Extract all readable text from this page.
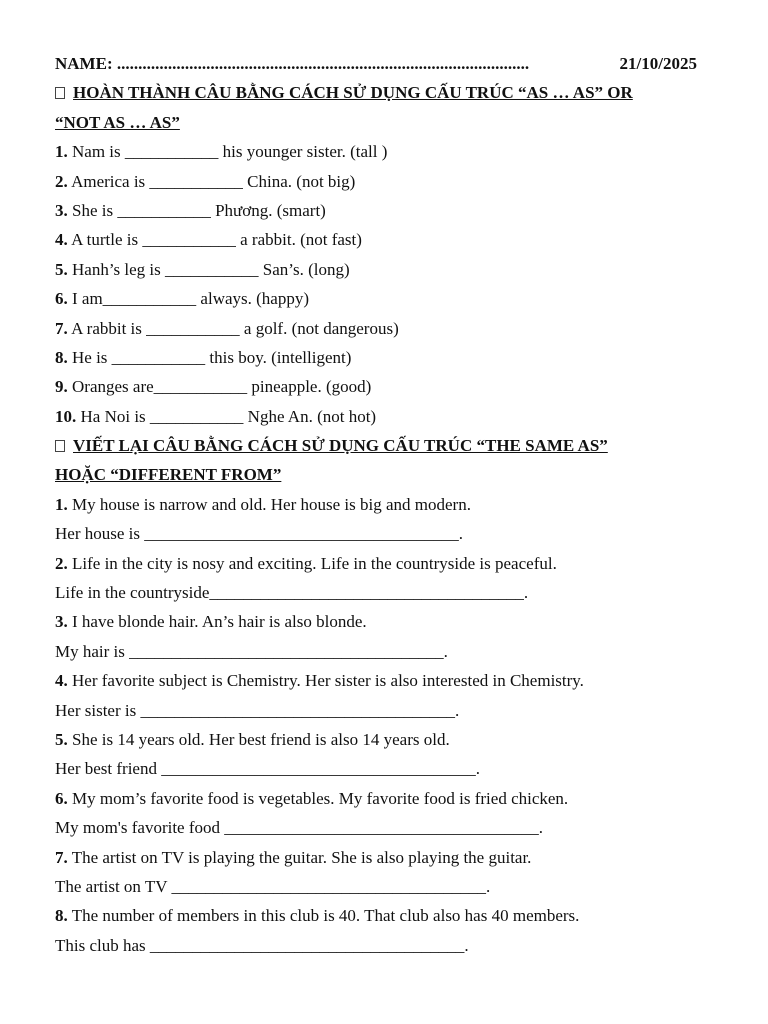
NAME: .................................................................................................	21/10/2025
HOÀN THÀNH CÂU BẰNG CÁCH SỬ DỤNG CẤU TRÚC “AS … AS” OR
“NOT AS … AS”
1. Nam is ___________ his younger sister. (tall )
2. America is ___________ China. (not big)
3. She is ___________ Phương. (smart)
4. A turtle is ___________ a rabbit. (not fast)
5. Hanh’s leg is ___________ San’s. (long)
6. I am___________ always. (happy)
7. A rabbit is ___________ a golf. (not dangerous)
8. He is ___________ this boy. (intelligent)
9. Oranges are___________ pineapple. (good)
10. Ha Noi is ___________ Nghe An. (not hot)
VIẾT LẠI CÂU BẰNG CÁCH SỬ DỤNG CẤU TRÚC “THE SAME AS”
HOẶC “DIFFERENT FROM”
1. My house is narrow and old. Her house is big and modern.
Her house is _____________________________________.
2. Life in the city is nosy and exciting. Life in the countryside is peaceful.
Life in the countryside_____________________________________.
3. I have blonde hair. An’s hair is also blonde.
My hair is _____________________________________.
4. Her favorite subject is Chemistry. Her sister is also interested in Chemistry.
Her sister is _____________________________________.
5. She is 14 years old. Her best friend is also 14 years old.
Her best friend _____________________________________.
6. My mom’s favorite food is vegetables. My favorite food is fried chicken.
My mom's favorite food _____________________________________.
7. The artist on TV is playing the guitar. She is also playing the guitar.
The artist on TV _____________________________________.
8. The number of members in this club is 40. That club also has 40 members.
This club has _____________________________________.
